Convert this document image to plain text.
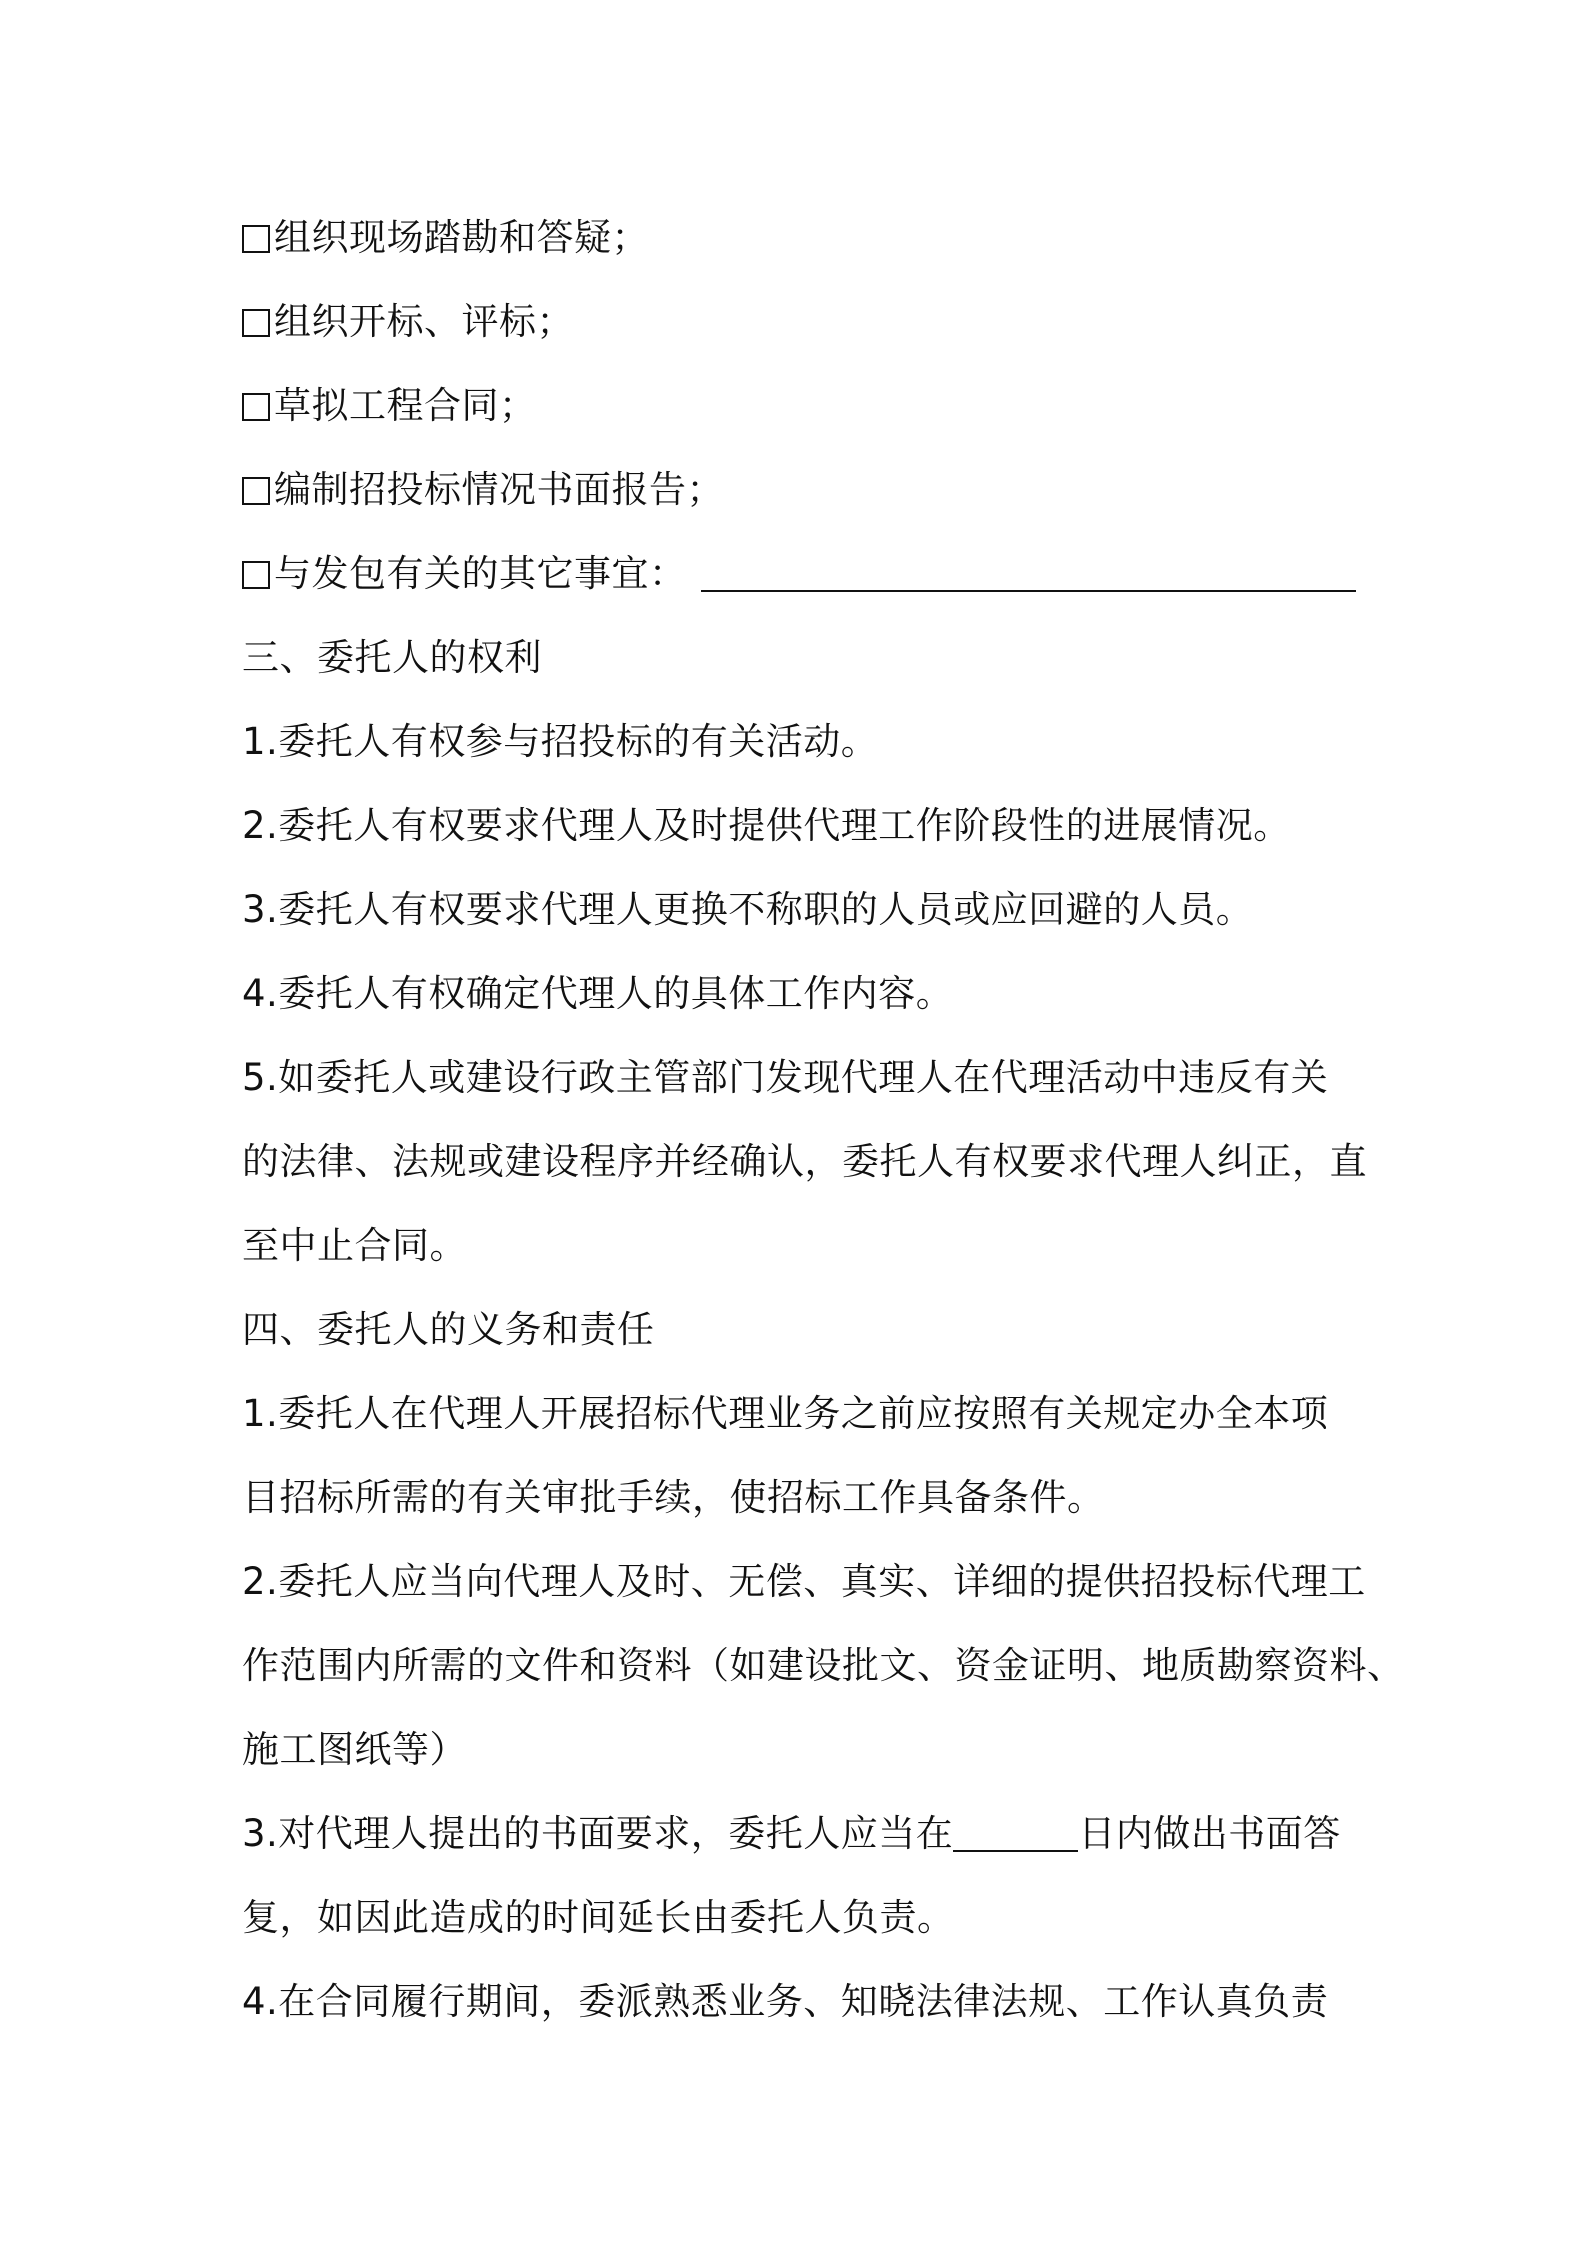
组织现场踏勘和答疑；
组织开标、评标；
草拟工程合同；
编制招投标情况书面报告；
与发包有关的其它事宜：
三、委托人的权利
1.委托人有权参与招投标的有关活动。
2.委托人有权要求代理人及时提供代理工作阶段性的进展情况。
3.委托人有权要求代理人更换不称职的人员或应回避的人员。
4.委托人有权确定代理人的具体工作内容。
5.如委托人或建设行政主管部门发现代理人在代理活动中违反有关
的法律、法规或建设程序并经确认，委托人有权要求代理人纠正，直
至中止合同。
四、委托人的义务和责任
1.委托人在代理人开展招标代理业务之前应按照有关规定办全本项
目招标所需的有关审批手续，使招标工作具备条件。
2.委托人应当向代理人及时、无偿、真实、详细的提供招投标代理工
作范围内所需的文件和资料（如建设批文、资金证明、地质勘察资料、
施工图纸等）
3.对代理人提出的书面要求，委托人应当在	日内做出书面答
复，如因此造成的时间延长由委托人负责。
4.在合同履行期间，委派熟悉业务、知晓法律法规、工作认真负责
